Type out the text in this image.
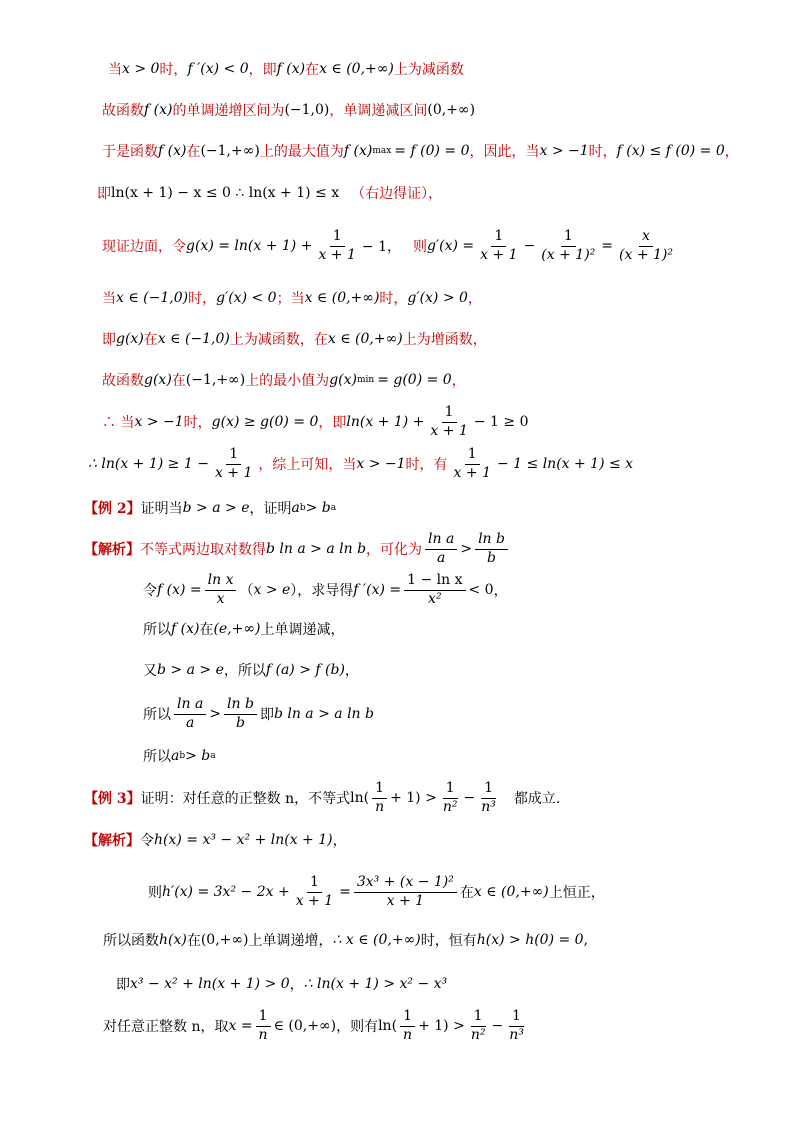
当 x > 0 时， f ′(x) < 0 ，即 f (x) 在 x ∈ (0,+∞) 上为减函数
故函数 f (x) 的单调递增区间为 (−1,0) ，单调递减区间 (0,+∞)
于是函数 f (x) 在 (−1,+∞) 上的最大值为 f (x) max = f (0) = 0 ，因此，当 x > −1 时， f (x) ≤ f (0) = 0 ，
即 ln(x + 1) − x ≤ 0 ∴ ln(x + 1) ≤ x （右边得证），
现证边面，令 $g(x) = \ln(x + 1) + \frac{1}{x + 1} - 1$， 则 $g'(x) = \frac{1}{x + 1} - \frac{1}{\text{(x + 1)²}} = \frac{x}{\text{(x + 1)²}}$
当 x ∈ (−1,0) 时， g′(x) < 0 ；当 x ∈ (0,+∞) 时， g′(x) > 0 ，
即 g(x) 在 x ∈ (−1,0) 上为减函数，在 x ∈ (0,+∞) 上为增函数，
故函数 g(x) 在 (−1,+∞) 上的最小值为 g(x) min = g(0) = 0 ，
∴ 当 x > −1 时， g(x) ≥ g(0) = 0 ，即 $\ln(x + 1) + \frac{1}{x + 1} - 1 \ge 0$
∴ $\ln(x + 1) \ge 1 - \frac{1}{x + 1}$ ，综上可知，当 x > −1 时，有 $\frac{1}{x + 1} - 1 \le \ln(x + 1) \le x$
【例 2】 证明当 b > a > e ，证明 a b > b a
【解析】 不等式两边取对数得 b ln a > a ln b ，可化为 $\frac{\text{ln a}}{a} > \frac{\text{ln b}}{b}$
令 f $(x) = \frac{\text{ln x}}{x}$ （ x > e ），求导得 f $'(x) = \frac{\text{1 − ln x}}{\text{x²}} < 0$ ，
所以 f (x) 在 (e,+∞) 上单调递减，
又 b > a > e ，所以 f (a) > f (b) ，
所以 $\frac{\text{ln a}}{a} > \frac{\text{ln b}}{b}$ 即 b ln a > a ln b
所以 a b > b a
【例 3】 证明：对任意的正整数 n，不等式 $\ln( \frac{1}{n} + 1) > \frac{1}{\text{n²}} - \frac{1}{\text{n³}}$ 都成立.
【解析】 令 h(x) = x³ − x² + ln(x + 1) ，
则 $h'(x) = 3x^2 - 2x + \frac{1}{x + 1} = \frac{\text{3x³ + (x − 1)²}}{x + 1}$ 在 x ∈ (0,+∞) 上恒正，
所以函数 h(x) 在 (0,+∞) 上单调递增， ∴ x ∈ (0,+∞) 时，恒有 h(x) > h(0) = 0 ,
即 x³ − x² + ln(x + 1) > 0 ， ∴ ln(x + 1) > x² − x³
对任意正整数 n，取 $x = \frac{1}{n}$ ∈ (0,+∞) ，则有 $\ln( \frac{1}{n} + 1) > \frac{1}{\text{n²}} - \frac{1}{\text{n³}}$
